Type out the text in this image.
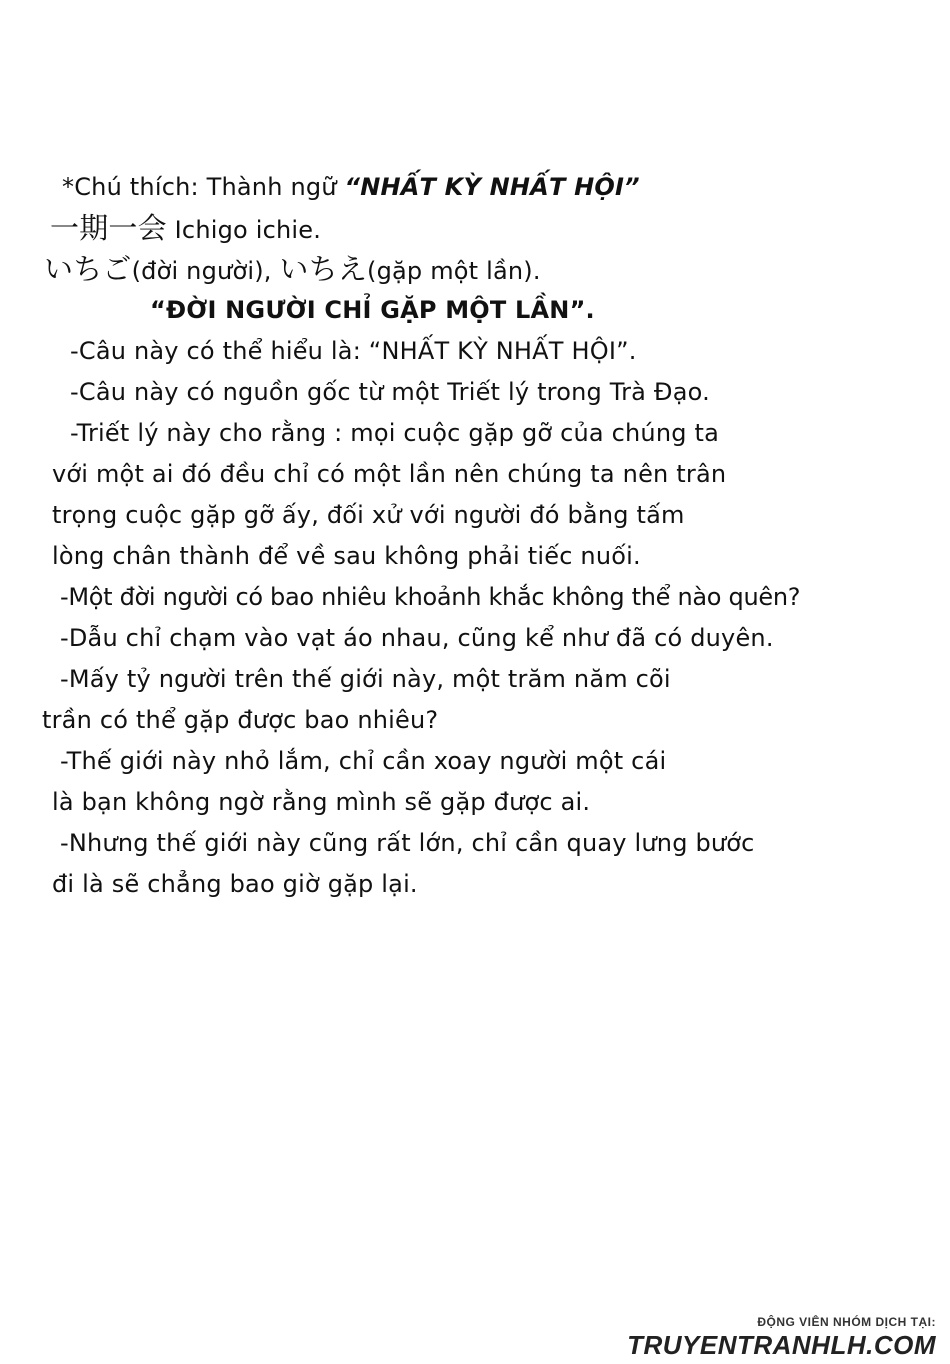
*Chú thích: Thành ngữ “NHẤT KỲ NHẤT HỘI”
一期一会 Ichigo ichie.
いちご(đời người), いちえ(gặp một lần).
“ĐỜI NGƯỜI CHỈ GẶP MỘT LẦN”.
-Câu này có thể hiểu là: “NHẤT KỲ NHẤT HỘI”.
-Câu này có nguồn gốc từ một Triết lý trong Trà Đạo.
-Triết lý này cho rằng : mọi cuộc gặp gỡ của chúng ta
với một ai đó đều chỉ có một lần nên chúng ta nên trân
trọng cuộc gặp gỡ ấy, đối xử với người đó bằng tấm
lòng chân thành để về sau không phải tiếc nuối.
-Một đời người có bao nhiêu khoảnh khắc không thể nào quên?
-Dẫu chỉ chạm vào vạt áo nhau, cũng kể như đã có duyên.
-Mấy tỷ người trên thế giới này, một trăm năm cõi
trần có thể gặp được bao nhiêu?
-Thế giới này nhỏ lắm, chỉ cần xoay người một cái
là bạn không ngờ rằng mình sẽ gặp được ai.
-Nhưng thế giới này cũng rất lớn, chỉ cần quay lưng bước
đi là sẽ chẳng bao giờ gặp lại.
ĐỘNG VIÊN NHÓM DỊCH TẠI:
TRUYENTRANHLH.COM
